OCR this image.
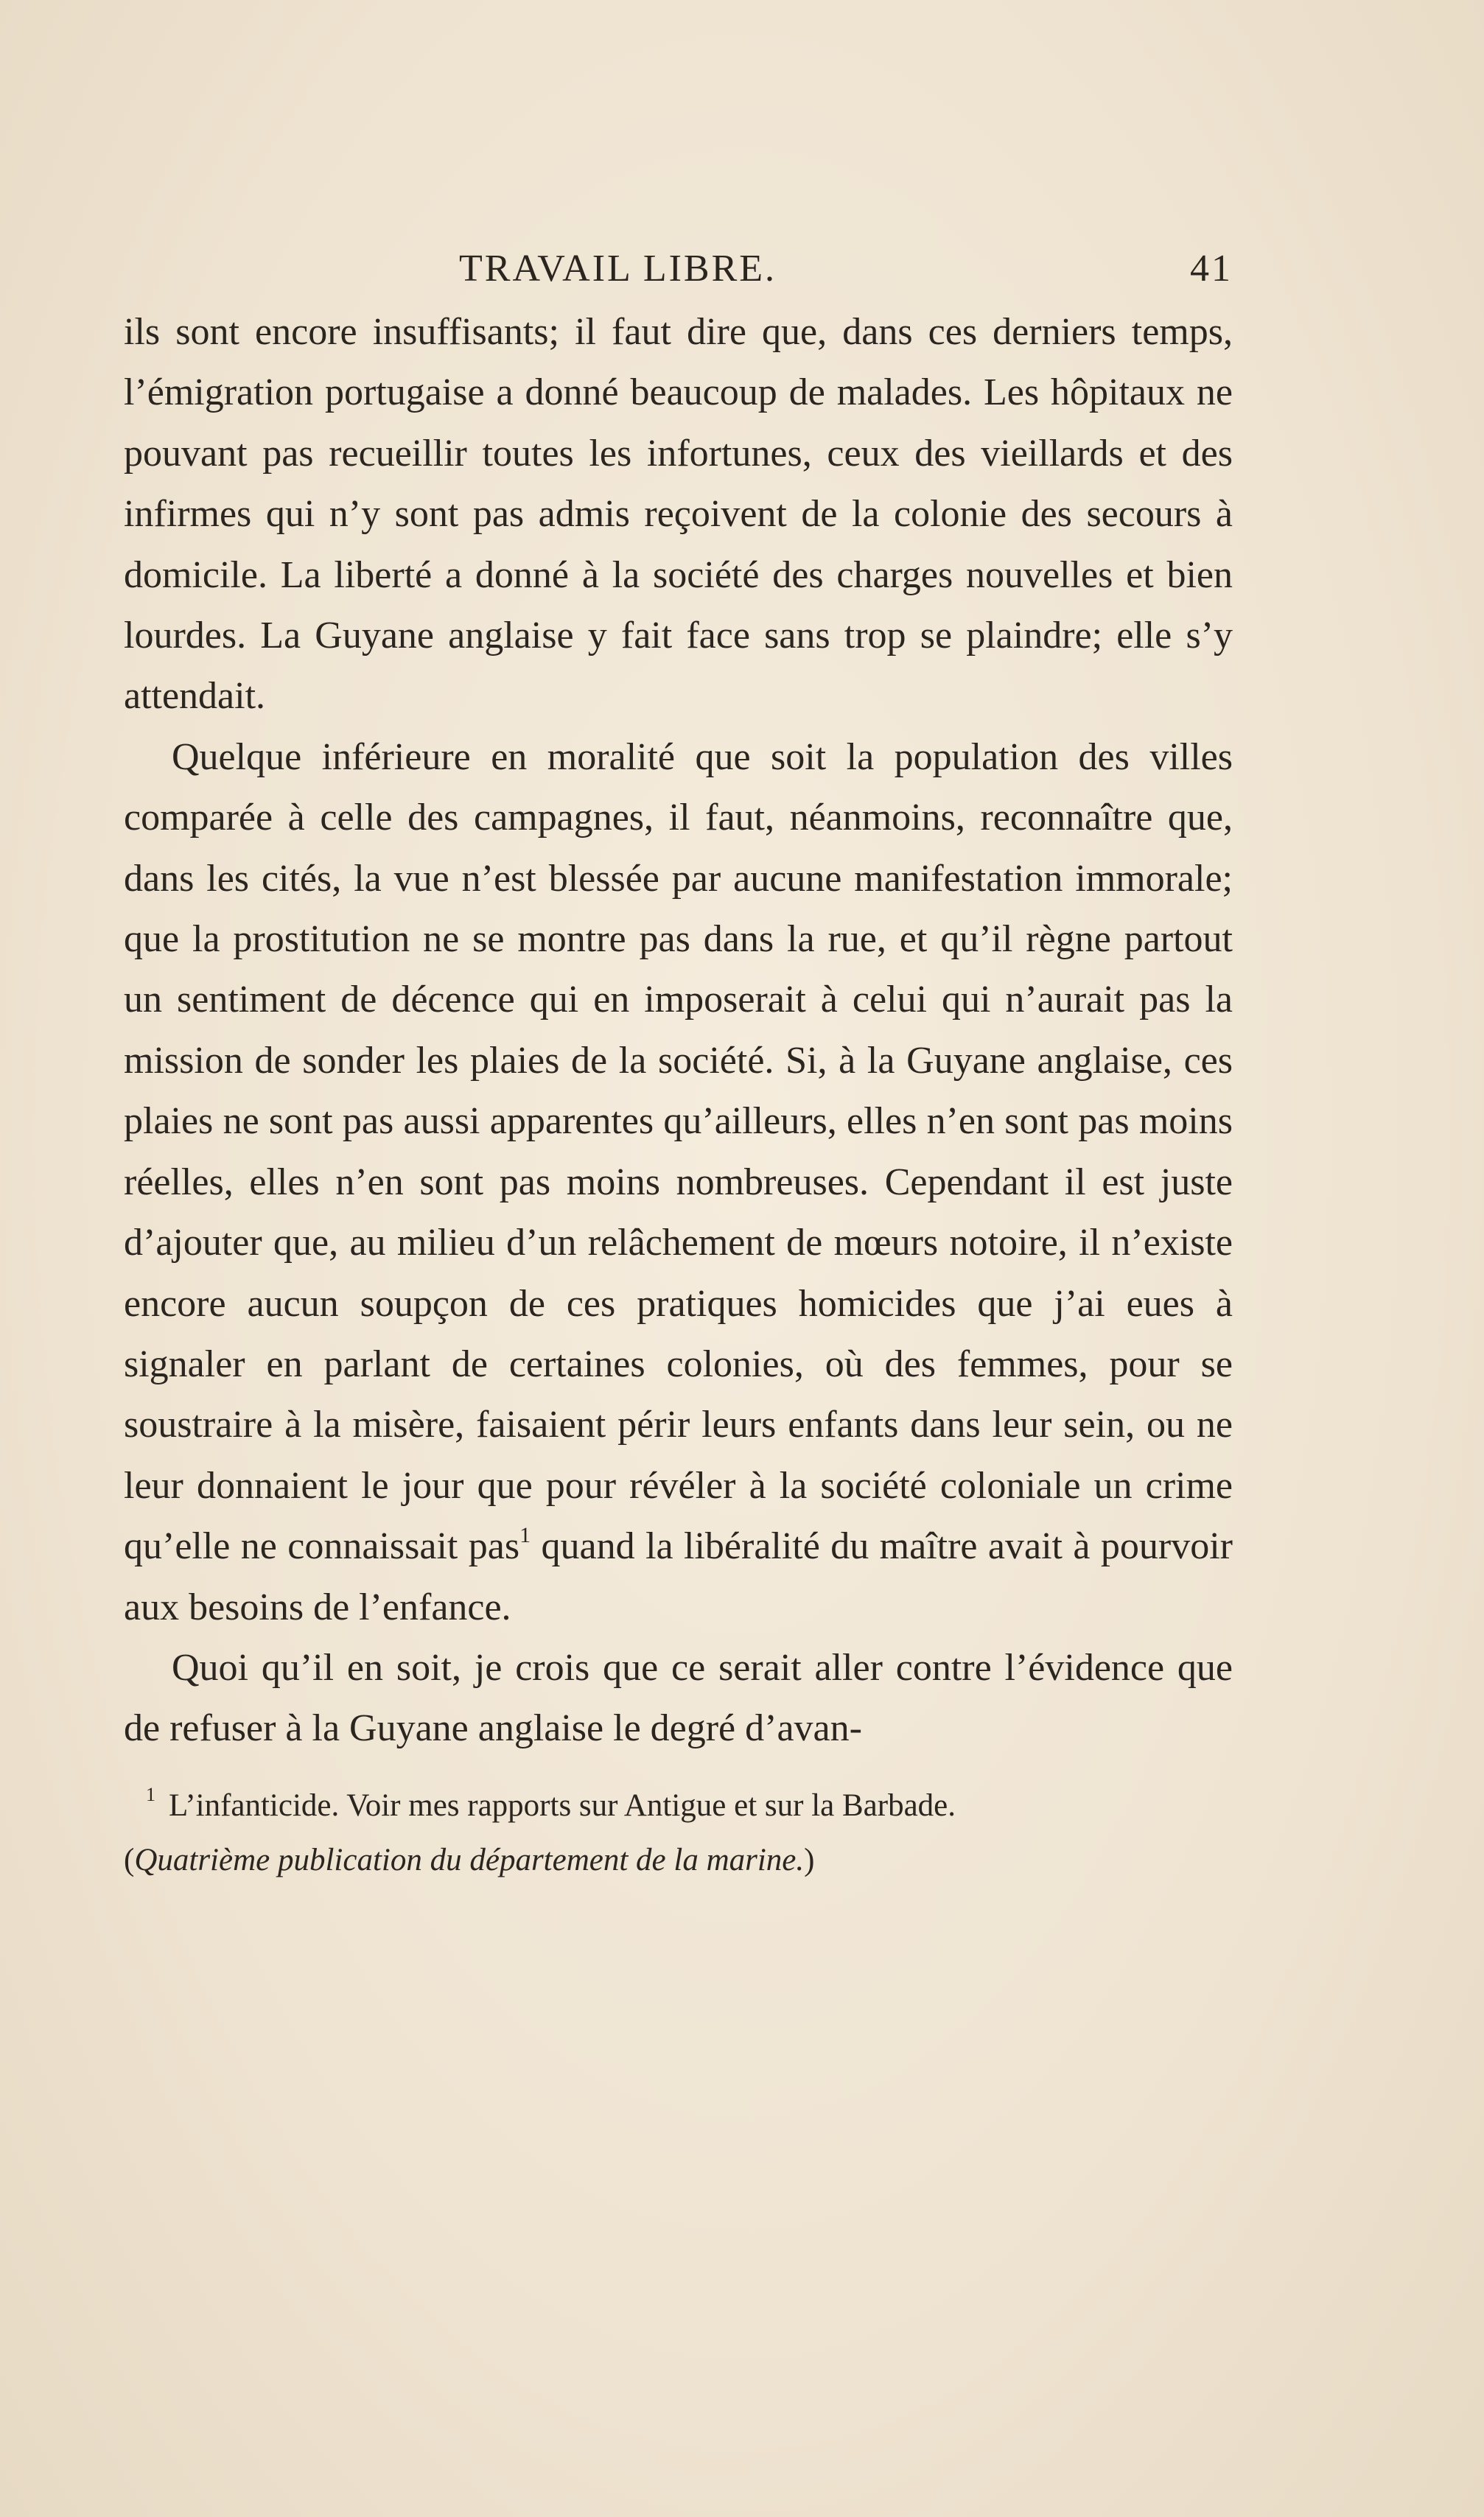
TRAVAIL LIBRE.	41

ils sont encore insuffisants; il faut dire que, dans ces derniers temps, l’émigration portugaise a donné beaucoup de malades. Les hôpitaux ne pouvant pas recueillir toutes les infortunes, ceux des vieillards et des infirmes qui n’y sont pas admis reçoivent de la colonie des secours à domicile. La liberté a donné à la société des charges nouvelles et bien lourdes. La Guyane anglaise y fait face sans trop se plaindre; elle s’y attendait.

Quelque inférieure en moralité que soit la population des villes comparée à celle des campagnes, il faut, néanmoins, reconnaître que, dans les cités, la vue n’est blessée par aucune manifestation immorale; que la prostitution ne se montre pas dans la rue, et qu’il règne partout un sentiment de décence qui en imposerait à celui qui n’aurait pas la mission de sonder les plaies de la société. Si, à la Guyane anglaise, ces plaies ne sont pas aussi apparentes qu’ailleurs, elles n’en sont pas moins réelles, elles n’en sont pas moins nombreuses. Cependant il est juste d’ajouter que, au milieu d’un relâchement de mœurs notoire, il n’existe encore aucun soupçon de ces pratiques homicides que j’ai eues à signaler en parlant de certaines colonies, où des femmes, pour se soustraire à la misère, faisaient périr leurs enfants dans leur sein, ou ne leur donnaient le jour que pour révéler à la société coloniale un crime qu’elle ne connaissait pas$^1$ quand la libéralité du maître avait à pourvoir aux besoins de l’enfance.

Quoi qu’il en soit, je crois que ce serait aller contre l’évidence que de refuser à la Guyane anglaise le degré d’avan-

$^1$ L’infanticide. Voir mes rapports sur Antigue et sur la Barbade.

(Quatrième publication du département de la marine.)
